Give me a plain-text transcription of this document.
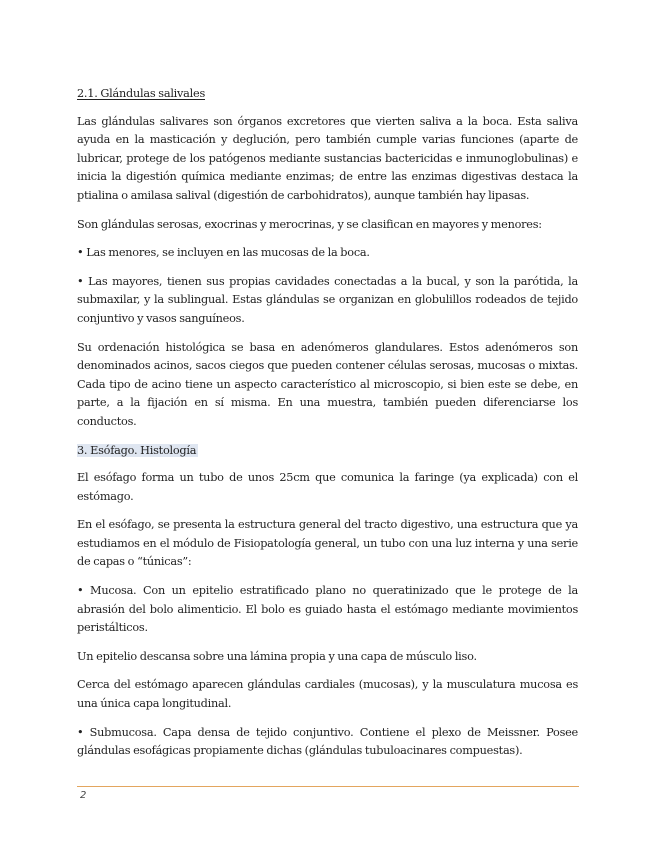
2.1. Glándulas salivales

Las glándulas salivares son órganos excretores que vierten saliva a la boca. Esta saliva ayuda en la masticación y deglución, pero también cumple varias funciones (aparte de lubricar, protege de los patógenos mediante sustancias bactericidas e inmunoglobulinas) e inicia la digestión química mediante enzimas; de entre las enzimas digestivas destaca la ptialina o amilasa salival (digestión de carbohidratos), aunque también hay lipasas.

Son glándulas serosas, exocrinas y merocrinas, y se clasifican en mayores y menores:

• Las menores, se incluyen en las mucosas de la boca.

• Las mayores, tienen sus propias cavidades conectadas a la bucal, y son la parótida, la submaxilar, y la sublingual. Estas glándulas se organizan en globulillos rodeados de tejido conjuntivo y vasos sanguíneos.

Su ordenación histológica se basa en adenómeros glandulares. Estos adenómeros son denominados acinos, sacos ciegos que pueden contener células serosas, mucosas o mixtas. Cada tipo de acino tiene un aspecto característico al microscopio, si bien este se debe, en parte, a la fijación en sí misma. En una muestra, también pueden diferenciarse los conductos.

3. Esófago. Histología

El esófago forma un tubo de unos 25cm que comunica la faringe (ya explicada) con el estómago.

En el esófago, se presenta la estructura general del tracto digestivo, una estructura que ya estudiamos en el módulo de Fisiopatología general, un tubo con una luz interna y una serie de capas o “túnicas”:

• Mucosa. Con un epitelio estratificado plano no queratinizado que le protege de la abrasión del bolo alimenticio. El bolo es guiado hasta el estómago mediante movimientos peristálticos.

Un epitelio descansa sobre una lámina propia y una capa de músculo liso.

Cerca del estómago aparecen glándulas cardiales (mucosas), y la musculatura mucosa es una única capa longitudinal.

• Submucosa. Capa densa de tejido conjuntivo. Contiene el plexo de Meissner. Posee glándulas esofágicas propiamente dichas (glándulas tubuloacinares compuestas).

2
